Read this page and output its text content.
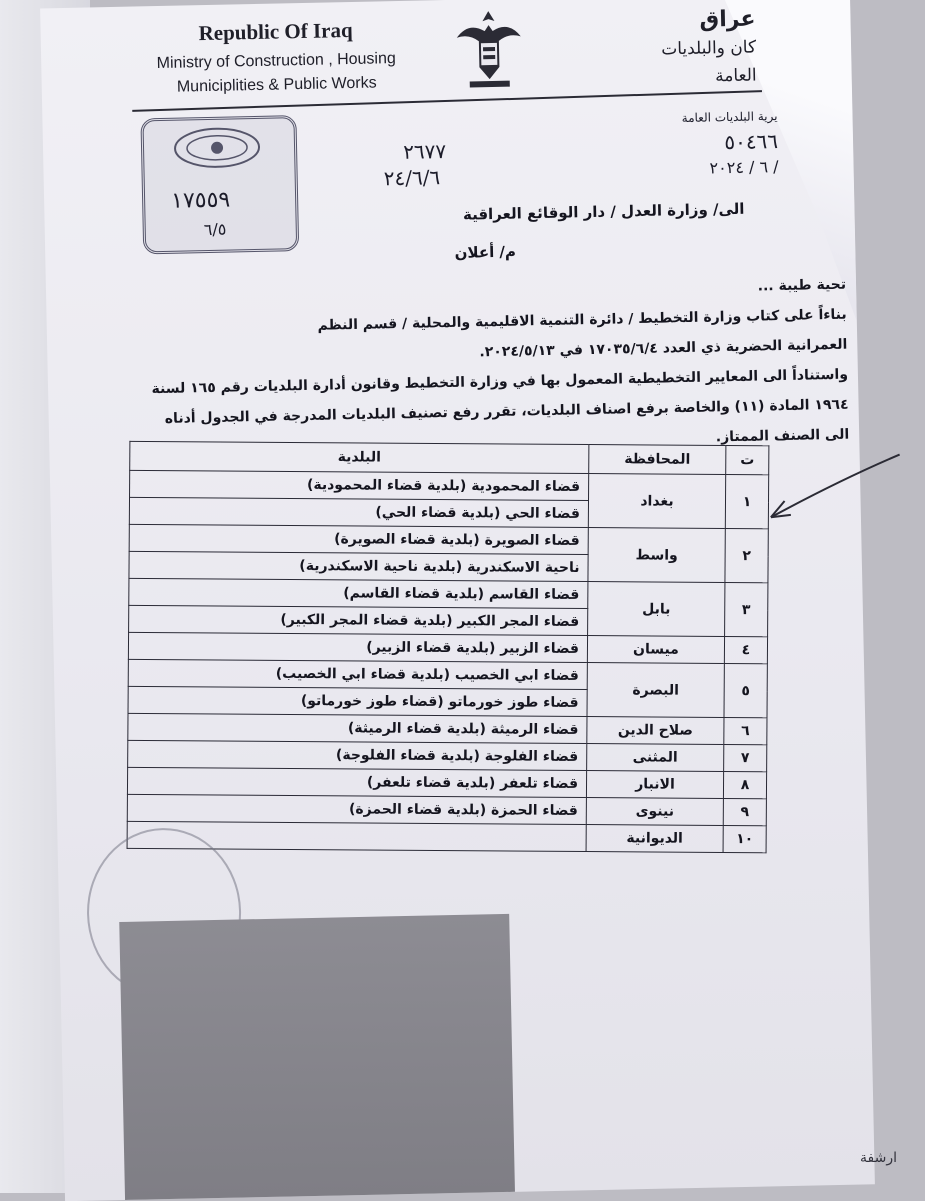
Republic Of Iraq
Ministry of Construction , Housing
Municiplities & Public Works
عراق
كان والبلديات
العامة
١٧٥٥٩
٦/٥
٢٦٧٧
٢٤/٦/٦
يرية البلديات العامة
٥٠٤٦٦
/ ٦ / ٢٠٢٤
الى/ وزارة العدل / دار الوقائع العراقية
م/ أعلان

تحية طيبة ...

بناءاً على كتاب وزارة التخطيط / دائرة التنمية الاقليمية والمحلية / قسم النظم

العمرانية الحضرية ذي العدد ١٧٠٣٥/٦/٤ في ٢٠٢٤/٥/١٣.

واستناداً الى المعايير التخطيطية المعمول بها في وزارة التخطيط وقانون أدارة البلديات رقم ١٦٥ لسنة

١٩٦٤ المادة (١١) والخاصة برفع اصناف البلديات، تقرر رفع تصنيف البلديات المدرجة في الجدول أدناه

الى الصنف الممتاز.

ت	المحافظة	البلدية
١	بغداد	قضاء المحمودية (بلدية قضاء المحمودية)
		قضاء الحي (بلدية قضاء الحي)
٢	واسط	قضاء الصويرة (بلدية قضاء الصويرة)
		ناحية الاسكندرية (بلدية ناحية الاسكندرية)
٣	بابل	قضاء القاسم (بلدية قضاء القاسم)
		قضاء المجر الكبير (بلدية قضاء المجر الكبير)
٤	ميسان	قضاء الزبير (بلدية قضاء الزبير)
٥	البصرة	قضاء ابي الخصيب (بلدية قضاء ابي الخصيب)
		قضاء طوز خورماتو (قضاء طوز خورماتو)
٦	صلاح الدين	قضاء الرميثة (بلدية قضاء الرميثة)
٧	المثنى	قضاء الفلوجة (بلدية قضاء الفلوجة)
٨	الانبار	قضاء تلعفر (بلدية قضاء تلعفر)
٩	نينوى	قضاء الحمزة (بلدية قضاء الحمزة)
١٠	الديوانية	
ارشفة
